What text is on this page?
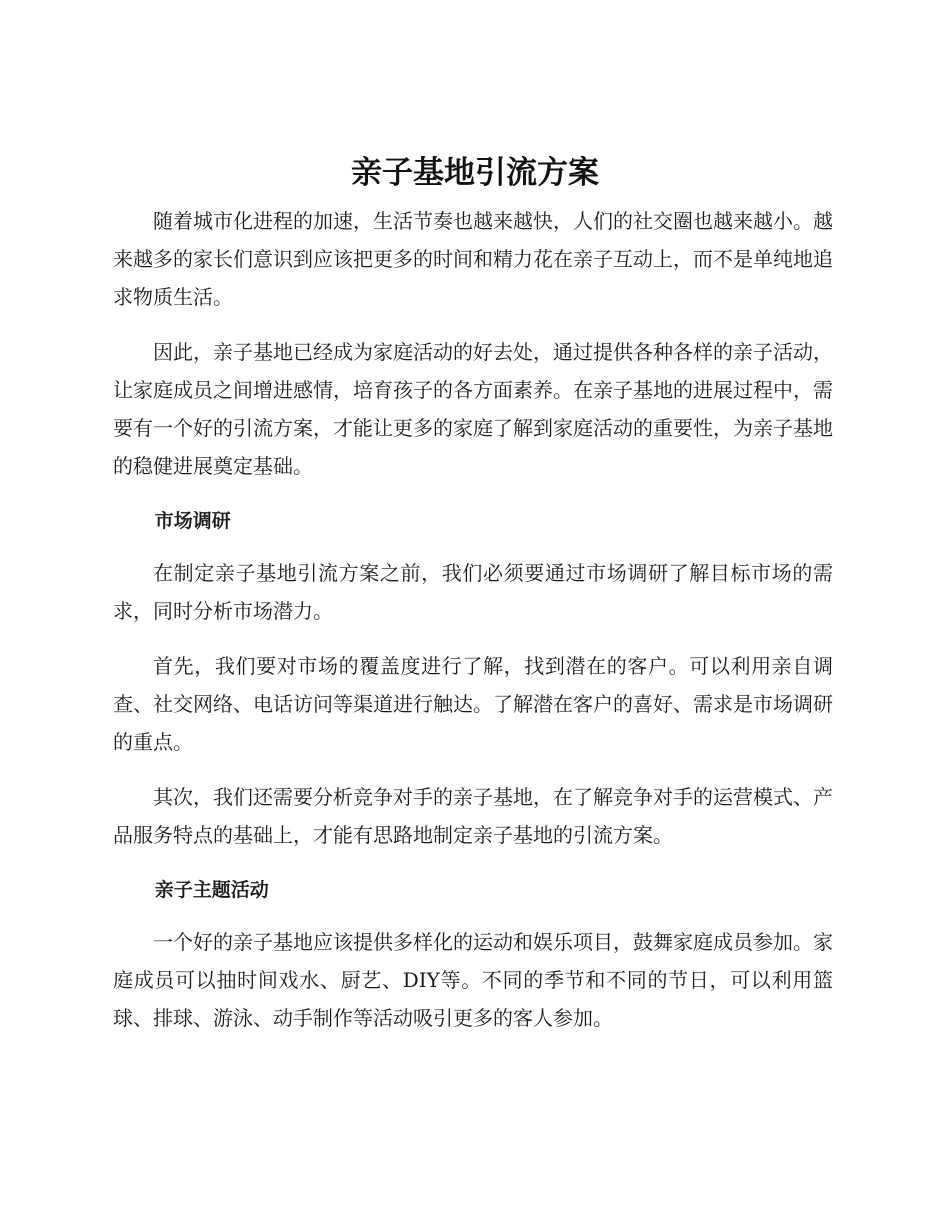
亲子基地引流方案

随着城市化进程的加速，生活节奏也越来越快，人们的社交圈也越来越小。越来越多的家长们意识到应该把更多的时间和精力花在亲子互动上，而不是单纯地追求物质生活。

因此，亲子基地已经成为家庭活动的好去处，通过提供各种各样的亲子活动，让家庭成员之间增进感情，培育孩子的各方面素养。在亲子基地的进展过程中，需要有一个好的引流方案，才能让更多的家庭了解到家庭活动的重要性，为亲子基地的稳健进展奠定基础。

市场调研

在制定亲子基地引流方案之前，我们必须要通过市场调研了解目标市场的需求，同时分析市场潜力。

首先，我们要对市场的覆盖度进行了解，找到潜在的客户。可以利用亲自调查、社交网络、电话访问等渠道进行触达。了解潜在客户的喜好、需求是市场调研的重点。

其次，我们还需要分析竞争对手的亲子基地，在了解竞争对手的运营模式、产品服务特点的基础上，才能有思路地制定亲子基地的引流方案。

亲子主题活动

一个好的亲子基地应该提供多样化的运动和娱乐项目，鼓舞家庭成员参加。家庭成员可以抽时间戏水、厨艺、DIY等。不同的季节和不同的节日，可以利用篮球、排球、游泳、动手制作等活动吸引更多的客人参加。
